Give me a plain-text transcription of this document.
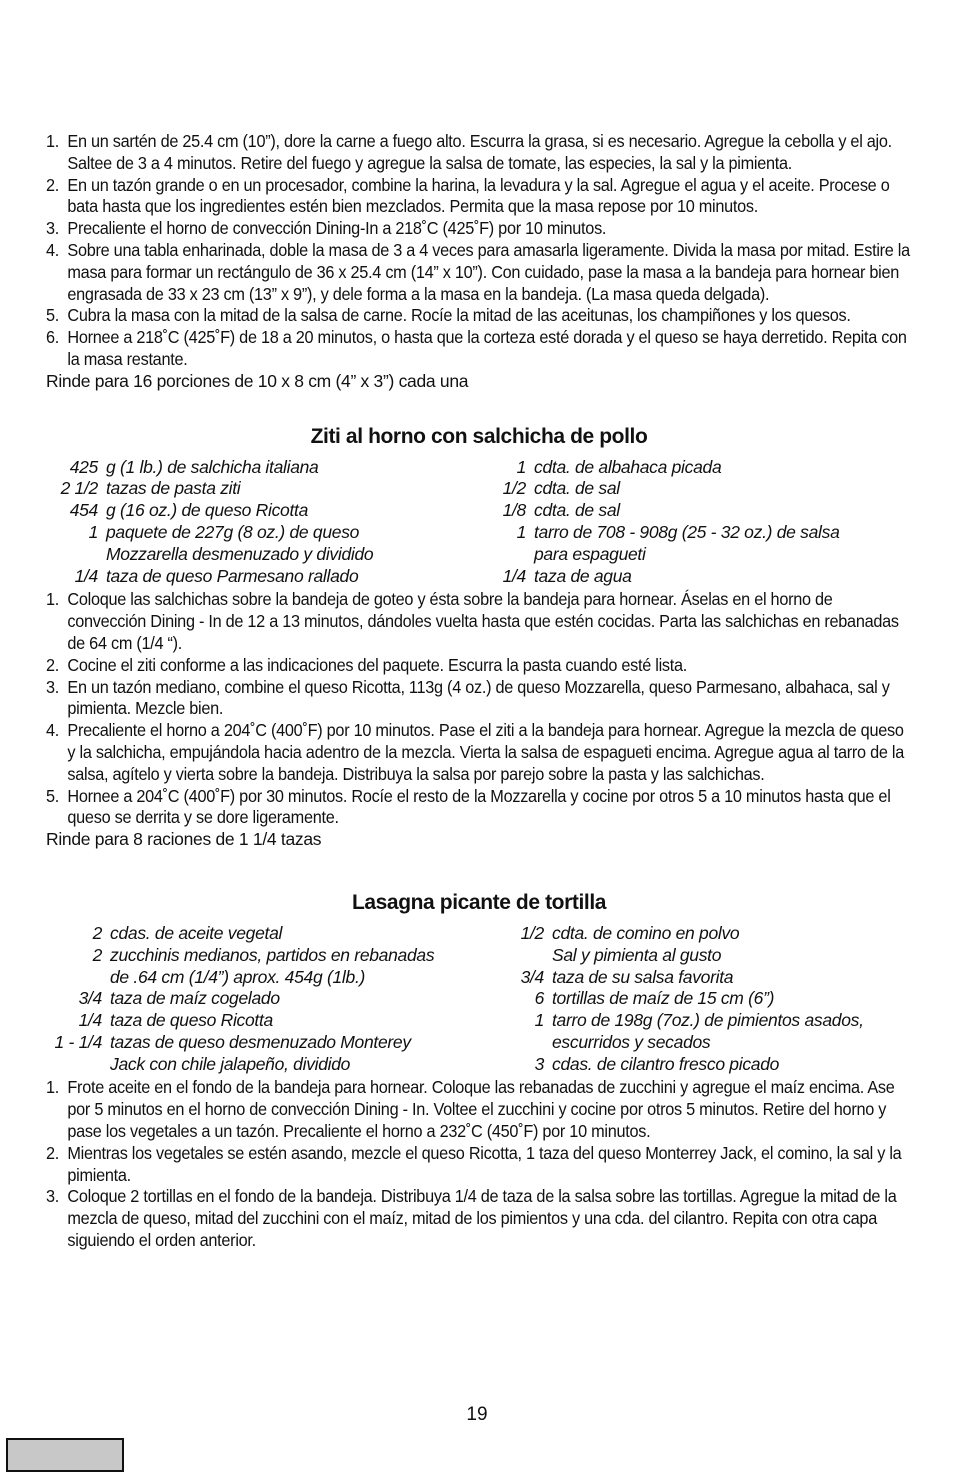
1. En un sartén de 25.4 cm (10”), dore la carne a fuego alto. Escurra la grasa, si es necesario. Agregue la cebolla y el ajo. Saltee de 3 a 4 minutos. Retire del fuego y agregue la salsa de tomate, las especies, la sal y la pimienta.
2. En un tazón grande o en un procesador, combine la harina, la levadura y la sal. Agregue el agua y el aceite. Procese o bata hasta que los ingredientes estén bien mezclados. Permita que la masa repose por 10 minutos.
3. Precaliente el horno de convección Dining-In a 218˚C (425˚F) por 10 minutos.
4. Sobre una tabla enharinada, doble la masa de 3 a 4 veces para amasarla ligeramente. Divida la masa por mitad. Estire la masa para formar un rectángulo de 36 x 25.4 cm (14” x 10”). Con cuidado, pase la masa a la bandeja para hornear bien engrasada de 33 x 23 cm (13” x 9”), y dele forma a la masa en la bandeja. (La masa queda delgada).
5. Cubra la masa con la mitad de la salsa de carne. Rocíe la mitad de las aceitunas, los champiñones y los quesos.
6. Hornee a 218˚C (425˚F) de 18 a 20 minutos, o hasta que la corteza esté dorada y el queso se haya derretido. Repita con la masa restante.
Rinde para 16 porciones de 10 x 8 cm (4” x 3”) cada una
Ziti al horno con salchicha de pollo
425 g (1 lb.) de salchicha italiana
2 1/2 tazas de pasta ziti
454 g (16 oz.) de queso Ricotta
1 paquete de 227g (8 oz.) de queso
Mozzarella desmenuzado y dividido
1/4 taza de queso Parmesano rallado
1 cdta. de albahaca picada
1/2 cdta. de sal
1/8 cdta. de sal
1 tarro de 708 - 908g (25 - 32 oz.) de salsa
para espagueti
1/4 taza de agua
1. Coloque las salchichas sobre la bandeja de goteo y ésta sobre la bandeja para hornear. Áselas en el horno de convección Dining - In de 12 a 13 minutos, dándoles vuelta hasta que estén cocidas. Parta las salchichas en rebanadas de 64 cm (1/4 “).
2. Cocine el ziti conforme a las indicaciones del paquete. Escurra la pasta cuando esté lista.
3. En un tazón mediano, combine el queso Ricotta, 113g (4 oz.) de queso Mozzarella, queso Parmesano, albahaca, sal y pimienta. Mezcle bien.
4. Precaliente el horno a 204˚C (400˚F) por 10 minutos. Pase el ziti a la bandeja para hornear. Agregue la mezcla de queso y la salchicha, empujándola hacia adentro de la mezcla. Vierta la salsa de espagueti encima. Agregue agua al tarro de la salsa, agítelo y vierta sobre la bandeja. Distribuya la salsa por parejo sobre la pasta y las salchichas.
5. Hornee a 204˚C (400˚F) por 30 minutos. Rocíe el resto de la Mozzarella y cocine por otros 5 a 10 minutos hasta que el queso se derrita y se dore ligeramente.
Rinde para 8 raciones de 1 1/4 tazas
Lasagna picante de tortilla
2 cdas. de aceite vegetal
2 zucchinis medianos, partidos en rebanadas
de .64 cm (1/4”) aprox. 454g (1lb.)
3/4 taza de maíz cogelado
1/4 taza de queso Ricotta
1 - 1/4 tazas de queso desmenuzado Monterey
Jack con chile jalapeño, dividido
1/2 cdta. de comino en polvo
Sal y pimienta al gusto
3/4 taza de su salsa favorita
6 tortillas de maíz de 15 cm (6”)
1 tarro de 198g (7oz.) de pimientos asados,
escurridos y secados
3 cdas. de cilantro fresco picado
1. Frote aceite en el fondo de la bandeja para hornear. Coloque las rebanadas de zucchini y agregue el maíz encima. Ase por 5 minutos en el horno de convección Dining - In. Voltee el zucchini y cocine por otros 5 minutos. Retire del horno y pase los vegetales a un tazón. Precaliente el horno a 232˚C (450˚F) por 10 minutos.
2. Mientras los vegetales se estén asando, mezcle el queso Ricotta, 1 taza del queso Monterrey Jack, el comino, la sal y la pimienta.
3. Coloque 2 tortillas en el fondo de la bandeja. Distribuya 1/4 de taza de la salsa sobre las tortillas. Agregue la mitad de la mezcla de queso, mitad del zucchini con el maíz, mitad de los pimientos y una cda. del cilantro. Repita con otra capa siguiendo el orden anterior.
19
